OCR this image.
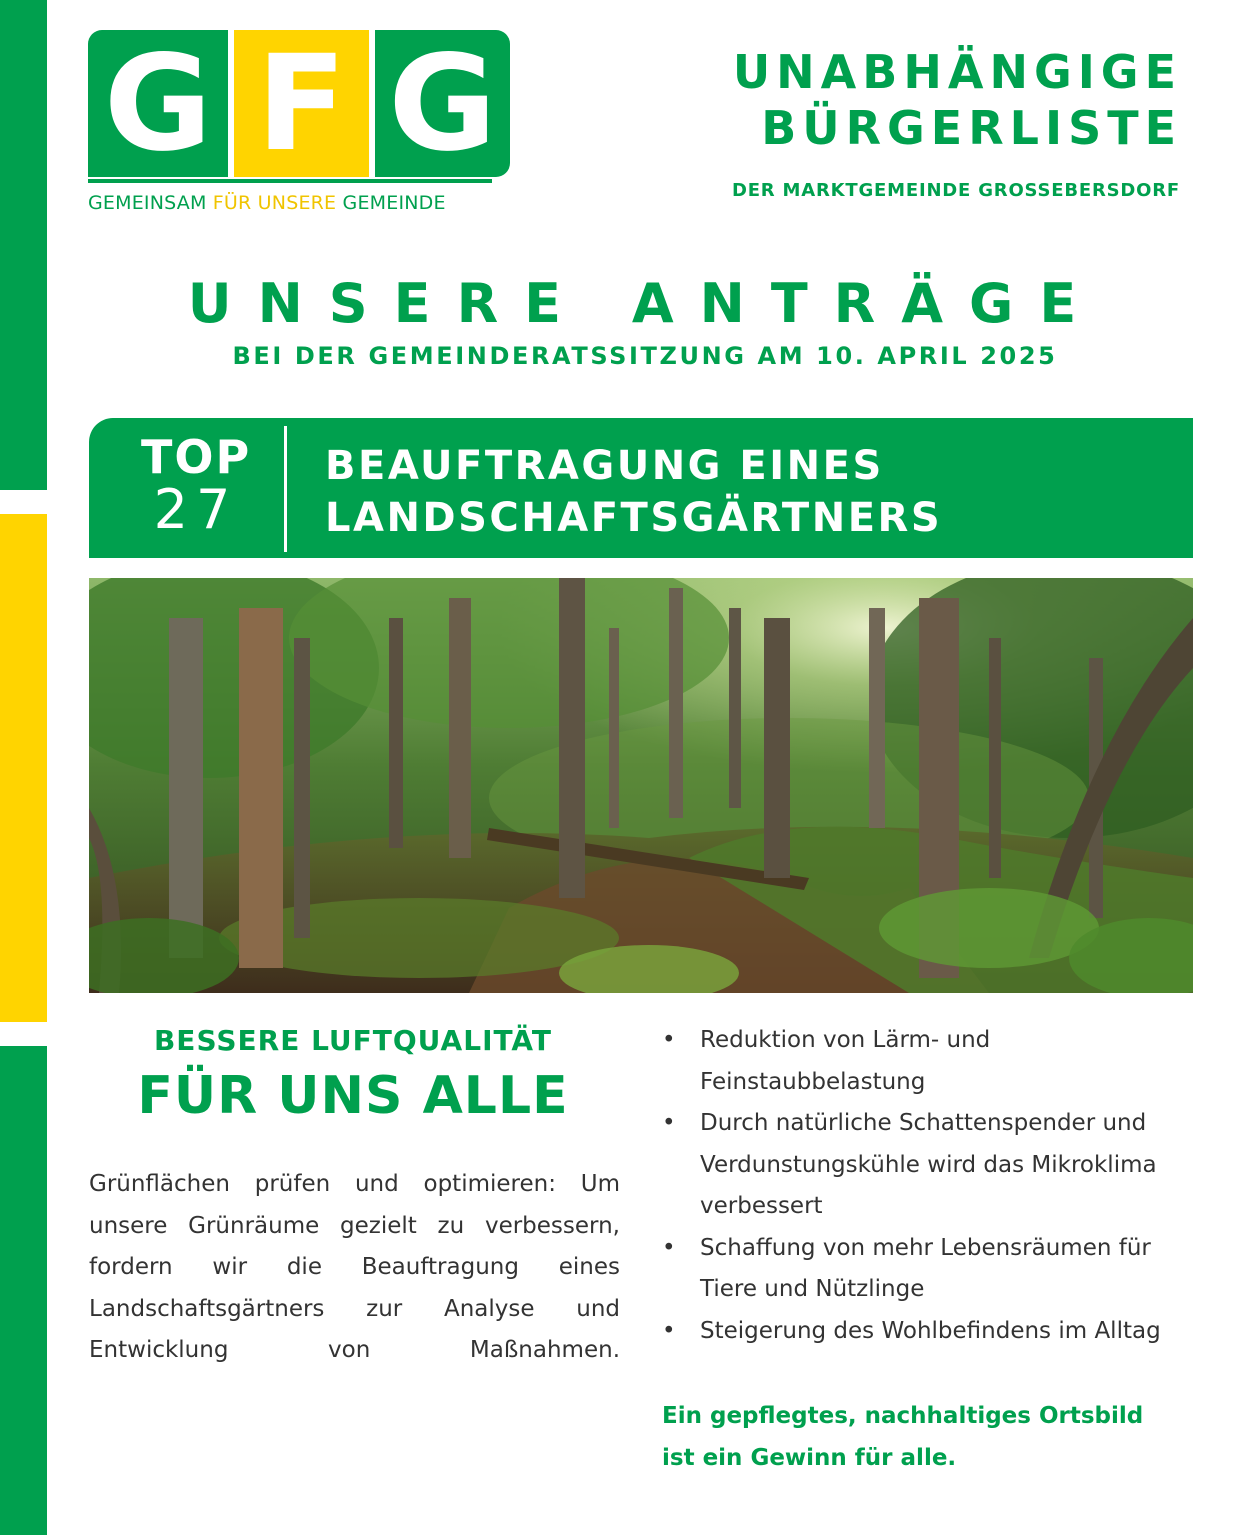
G F G
GEMEINSAM FÜR UNSERE GEMEINDE
UNABHÄNGIGE
BÜRGERLISTE
DER MARKTGEMEINDE GROSSEBERSDORF
UNSERE ANTRÄGE
BEI DER GEMEINDERATSSITZUNG AM 10. APRIL 2025
TOP
27
BEAUFTRAGUNG EINES
LANDSCHAFTSGÄRTNERS
BESSERE LUFTQUALITÄT
FÜR UNS ALLE
Grünflächen prüfen und optimieren: Um unsere Grünräume gezielt zu verbessern, fordern wir die Beauftragung eines Landschaftsgärtners zur Analyse und Entwicklung von Maßnahmen.
• Reduktion von Lärm- und Feinstaubbelastung
• Durch natürliche Schattenspender und Verdunstungskühle wird das Mikroklima verbessert
• Schaffung von mehr Lebensräumen für Tiere und Nützlinge
• Steigerung des Wohlbefindens im Alltag
Ein gepflegtes, nachhaltiges Ortsbild
ist ein Gewinn für alle.
